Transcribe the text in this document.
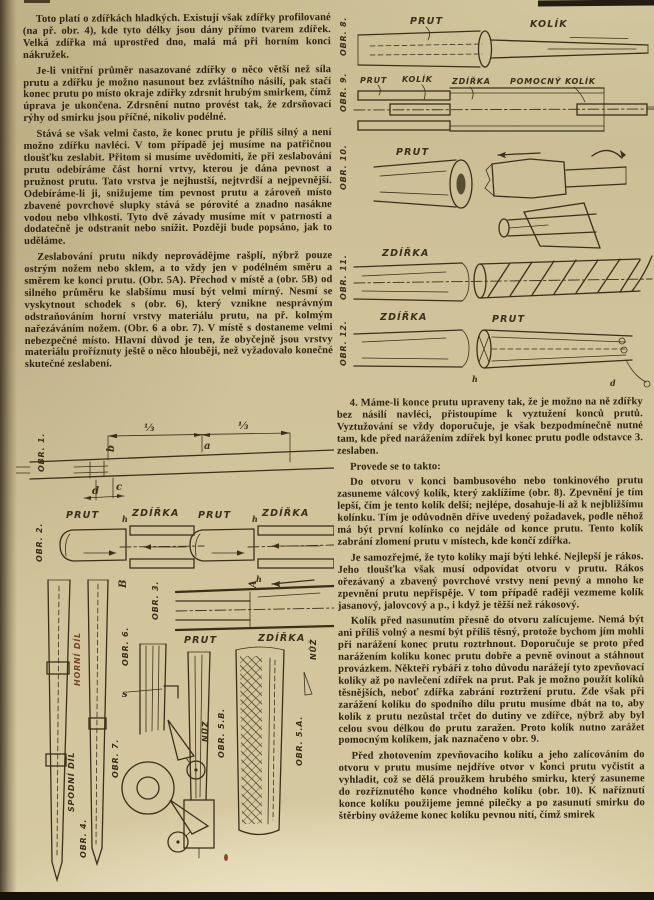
Toto platí o zdířkách hladkých. Existují však zdířky profilované (na př. obr. 4), kde tyto délky jsou dány přímo tvarem zdířek. Velká zdířka má uprostřed dno, malá má při horním konci nákružek.

Je-li vnitřní průměr nasazované zdířky o něco větší než síla prutu a zdířku je možno nasunout bez zvláštního násilí, pak stačí konec prutu po místo okraje zdířky zdrsnit hrubým smirkem, čímž úprava je ukončena. Zdrsnění nutno provést tak, že zdrsňovací rýhy od smirku jsou příčné, nikoliv podélné.

Stává se však velmi často, že konec prutu je příliš silný a není možno zdířku navléci. V tom případě jej musíme na patřičnou tloušťku zeslabit. Přitom si musíme uvědomiti, že při zeslabování prutu odebíráme část horní vrtvy, kterou je dána pevnost a pružnost prutu. Tato vrstva je nejhustší, nejtvrdší a nejpevnější. Odebíráme-li ji, snižujeme tím pevnost prutu a zároveň místo zbavené povrchové slupky stává se pórovité a znadno nasákne vodou nebo vlhkosti. Tyto dvě závady musíme mít v patrnosti a dodatečně je odstranit nebo snížit. Později bude popsáno, jak to uděláme.

Zeslabování prutu nikdy neprovádějme rašplí, nýbrž pouze ostrým nožem nebo sklem, a to vždy jen v podélném směru a směrem ke konci prutu. (Obr. 5A). Přechod v místě a (obr. 5B) od silného průměru ke slabšímu musí být velmi mírný. Nesmí se vyskytnout schodek s (obr. 6), který vznikne nesprávným odstraňováním horní vrstvy materiálu prutu, na př. kolmým nařezáváním nožem. (Obr. 6 a obr. 7). V místě s dostaneme velmi nebezpečné místo. Hlavní důvod je ten, že obyčejně jsou vrstvy materiálu proříznuty ještě o něco hlouběji, než vyžadovalo konečné skutečné zeslabení.

4. Máme-li konce prutu upraveny tak, že je možno na ně zdířky bez násilí navléci, přistoupíme k vyztužení konců prutů. Vyztužování se vždy doporučuje, je však bezpodmínečně nutné tam, kde před narážením zdířek byl konec prutu podle odstavce 3. zeslaben.

Provede se to takto:

Do otvoru v konci bambusového nebo tonkinového prutu zasuneme válcový kolík, který zaklížíme (obr. 8). Zpevnění je tím lepší, čím je tento kolík delší; nejlépe, dosahuje-li až k nejbližšímu kolínku. Tím je odůvodněn dříve uvedený požadavek, podle něhož má být první kolínko co nejdále od konce prutu. Tento kolík zabrání zlomení prutu v místech, kde končí zdířka.

Je samozřejmé, že tyto kolíky mají býti lehké. Nejlepší je rákos. Jeho tloušťka však musí odpovídat otvoru v prutu. Rákos ořezávaný a zbavený povrchové vrstvy není pevný a mnoho ke zpevnění prutu nepřispěje. V tom případě raději vezmeme kolík jasanový, jalovcový a p., i když je těžší než rákosový.

Kolík před nasunutím přesně do otvoru zalícujeme. Nemá být ani příliš volný a nesmí být příliš těsný, protože bychom jím mohli při narážení konec prutu roztrhnout. Doporučuje se proto před narážením kolíku konec prutu dobře a pevně ovinout a stáhnout provázkem. Někteří rybáři z toho důvodu narážejí tyto zpevňovací kolíky až po navlečení zdířek na prut. Pak je možno použít kolíků těsnějších, neboť zdířka zabrání roztržení prutu. Zde však při zarážení kolíku do spodního dílu prutu musíme dbát na to, aby kolík z prutu nezůstal trčet do dutiny ve zdířce, nýbrž aby byl celou svou délkou do prutu zaražen. Proto kolík nutno zarážet pomocným kolíkem, jak naznačeno v obr. 9.

Před zhotovením zpevňovacího kolíku a jeho zalícováním do otvoru v prutu musíme nejdříve otvor v konci prutu vyčistit a vyhladit, což se dělá proužkem hrubého smirku, který zasuneme do rozříznutého konce vhodného kolíku (obr. 10). K naříznutí konce kolíku použijeme jemné pilečky a po zasunutí smirku do štěrbiny ovážeme konec kolíku pevnou nití, čímž smirek

OBR. 8.	PRUT	KOLÍK
OBR. 9. PRUT KOLÍK ZDÍŘKA POMOCNÝ KOLÍK
OBR. 10.	PRUT
OBR. 11.
ZDÍŘKA
OBR. 12.
ZDÍŘKA	PRUT
h	d
OBR. 1.
⅓	⅓
b	a
d c
OBR. 2.
PRUT	ZDÍŘKA
h
B
PRUT	ZDÍŘKA
h
A
OBR. 3.
h
PRUT	ZDÍŘKA
HORNÍ DÍL
SPODNÍ DÍL
OBR. 4.
OBR. 6.
s
NŮŽ
OBR. 7.
OBR. 5.B.	OBR. 5.A.
NŮŽ
